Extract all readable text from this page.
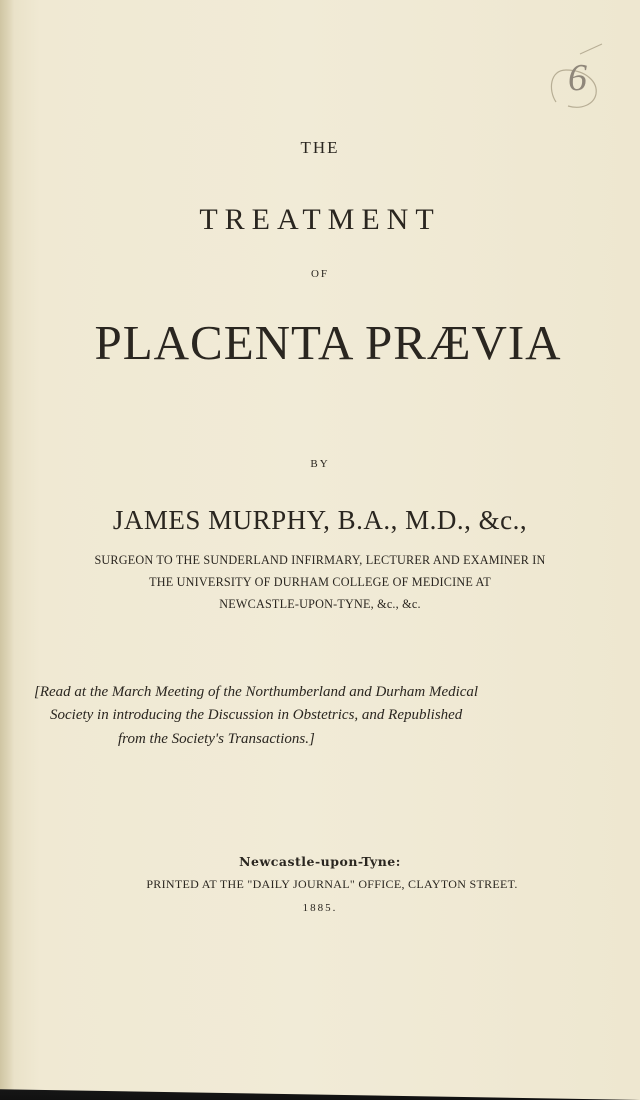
6
THE
TREATMENT
OF
PLACENTA PRÆVIA
BY
JAMES MURPHY, B.A., M.D., &c.,
SURGEON TO THE SUNDERLAND INFIRMARY, LECTURER AND EXAMINER IN
THE UNIVERSITY OF DURHAM COLLEGE OF MEDICINE AT
NEWCASTLE-UPON-TYNE, &c., &c.
[Read at the March Meeting of the Northumberland and Durham Medical
Society in introducing the Discussion in Obstetrics, and Republished
from the Society's Transactions.]
Newcastle-upon-Tyne:
PRINTED AT THE "DAILY JOURNAL" OFFICE, CLAYTON STREET.
1885.
